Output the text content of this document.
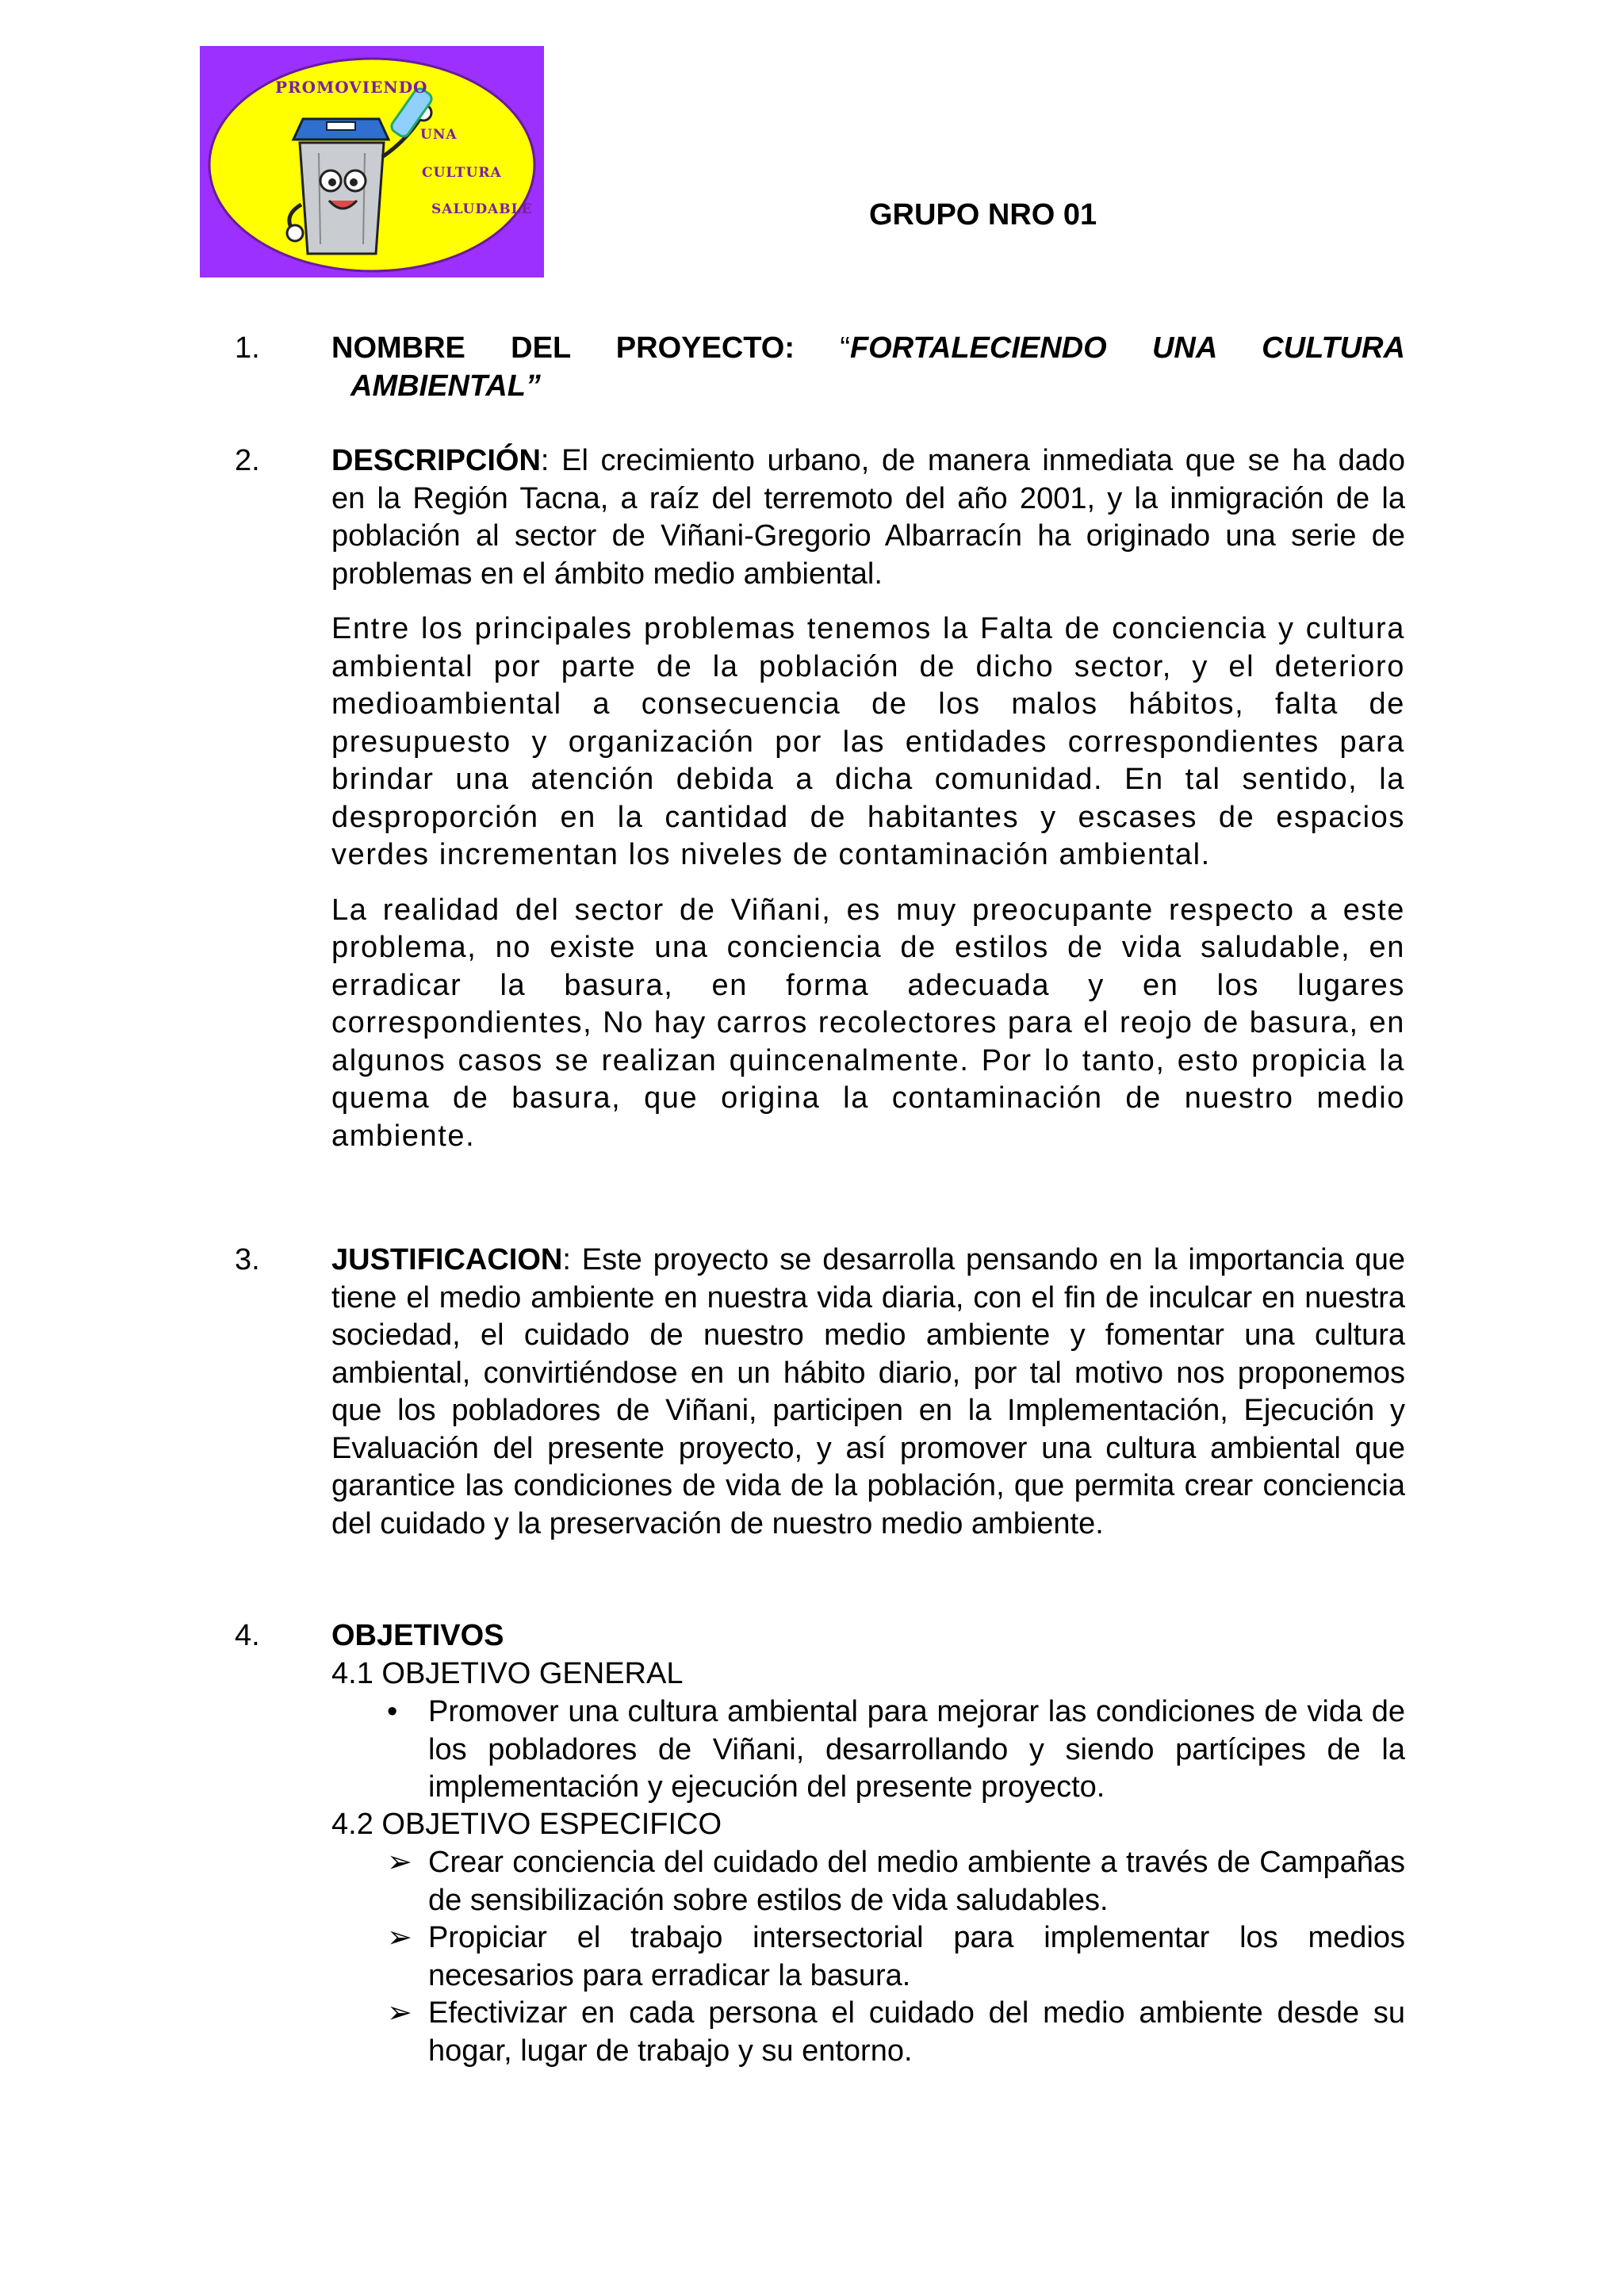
PROMOVIENDO
UNA
CULTURA
SALUDABLE	GRUPO NRO 01
1. NOMBRE DEL PROYECTO: “FORTALECIENDO UNA CULTURA
AMBIENTAL”
2. DESCRIPCIÓN: El crecimiento urbano, de manera inmediata que se ha dado en la Región Tacna, a raíz del terremoto del año 2001, y la inmigración de la población al sector de Viñani-Gregorio Albarracín ha originado una serie de problemas en el ámbito medio ambiental.
Entre los principales problemas tenemos la Falta de conciencia y cultura ambiental por parte de la población de dicho sector, y el deterioro medioambiental a consecuencia de los malos hábitos, falta de presupuesto y organización por las entidades correspondientes para brindar una atención debida a dicha comunidad. En tal sentido, la desproporción en la cantidad de habitantes y escases de espacios verdes incrementan los niveles de contaminación ambiental.
La realidad del sector de Viñani, es muy preocupante respecto a este problema, no existe una conciencia de estilos de vida saludable, en erradicar la basura, en forma adecuada y en los lugares correspondientes, No hay carros recolectores para el reojo de basura, en algunos casos se realizan quincenalmente. Por lo tanto, esto propicia la quema de basura, que origina la contaminación de nuestro medio ambiente.
3. JUSTIFICACION: Este proyecto se desarrolla pensando en la importancia que tiene el medio ambiente en nuestra vida diaria, con el fin de inculcar en nuestra sociedad, el cuidado de nuestro medio ambiente y fomentar una cultura ambiental, convirtiéndose en un hábito diario, por tal motivo nos proponemos que los pobladores de Viñani, participen en la Implementación, Ejecución y Evaluación del presente proyecto, y así promover una cultura ambiental que garantice las condiciones de vida de la población, que permita crear conciencia del cuidado y la preservación de nuestro medio ambiente.
4. OBJETIVOS
4.1 OBJETIVO GENERAL
•	Promover una cultura ambiental para mejorar las condiciones de vida de los pobladores de Viñani, desarrollando y siendo partícipes de la implementación y ejecución del presente proyecto.
4.2 OBJETIVO ESPECIFICO
➢ Crear conciencia del cuidado del medio ambiente a través de Campañas de sensibilización sobre estilos de vida saludables.
➢ Propiciar el trabajo intersectorial para implementar los medios necesarios para erradicar la basura.
➢ Efectivizar en cada persona el cuidado del medio ambiente desde su hogar, lugar de trabajo y su entorno.
